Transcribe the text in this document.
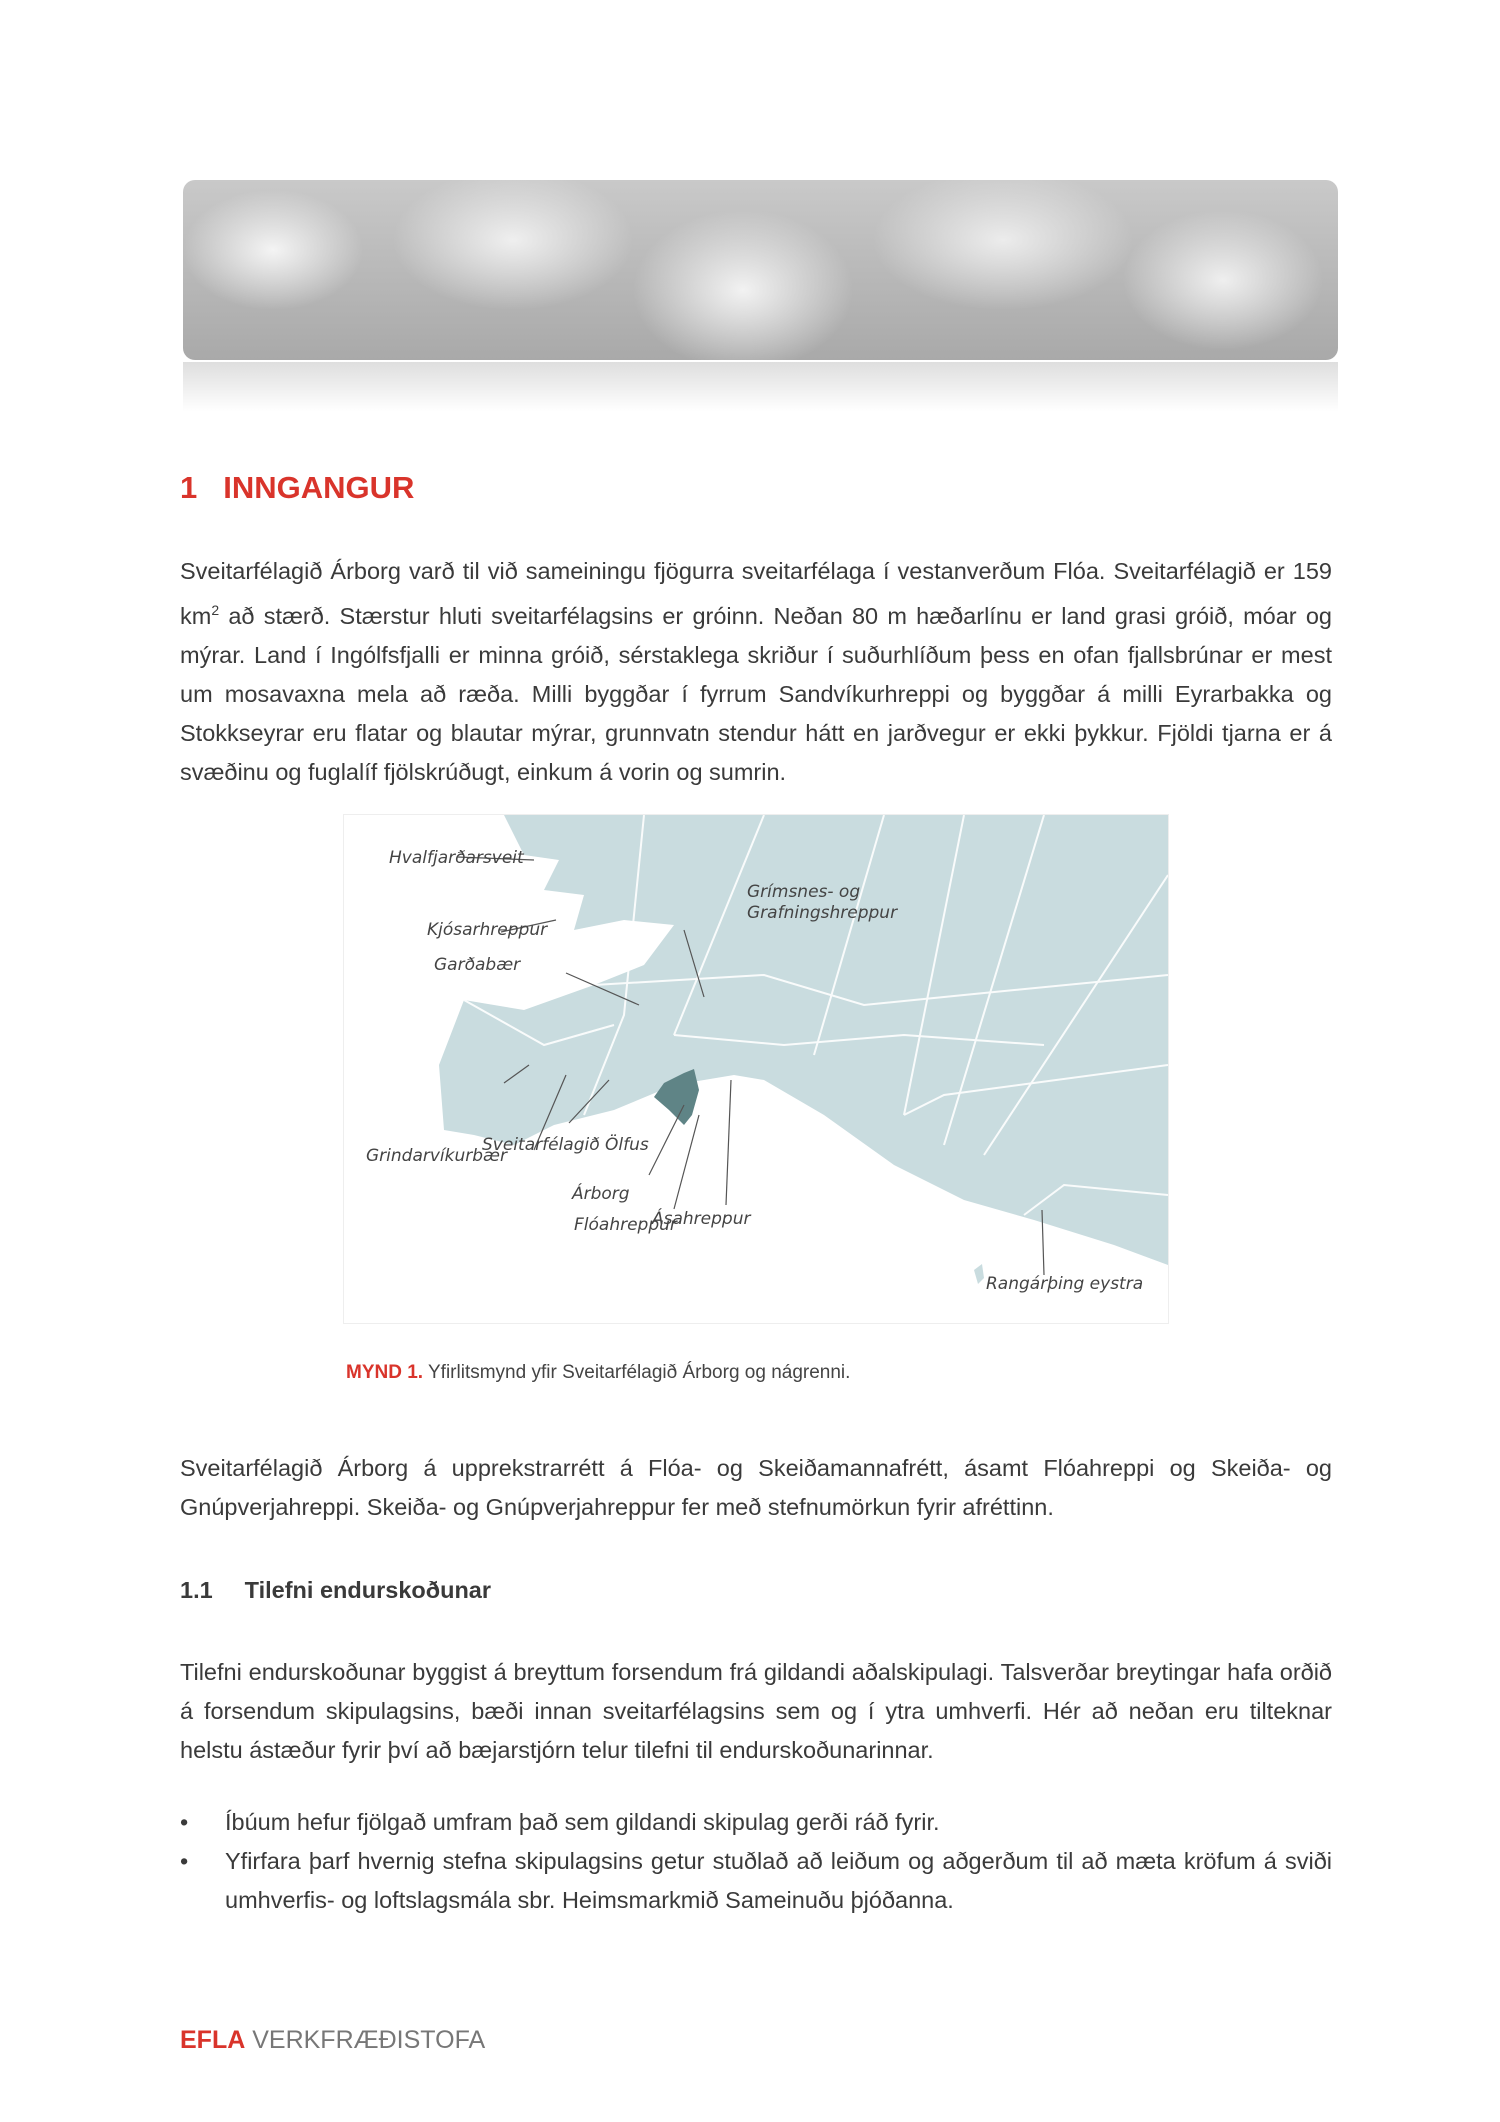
1 INNGANGUR
Sveitarfélagið Árborg varð til við sameiningu fjögurra sveitarfélaga í vestanverðum Flóa. Sveitarfélagið er 159 $km^2$ að stærð. Stærstur hluti sveitarfélagsins er gróinn. Neðan 80 m hæðarlínu er land grasi gróið, móar og mýrar. Land í Ingólfsfjalli er minna gróið, sérstaklega skriður í suðurhlíðum þess en ofan fjallsbrúnar er mest um mosavaxna mela að ræða. Milli byggðar í fyrrum Sandvíkurhreppi og byggðar á milli Eyrarbakka og Stokkseyrar eru flatar og blautar mýrar, grunnvatn stendur hátt en jarðvegur er ekki þykkur. Fjöldi tjarna er á svæðinu og fuglalíf fjölskrúðugt, einkum á vorin og sumrin.
Hvalfjarðarsveit
Grímsnes- og
Grafningshreppur
Kjósarhreppur
Garðabær
Grindarvíkurbær
Sveitarfélagið Ölfus
Árborg
Flóahreppur
Ásahreppur
Rangárþing eystra
MYND 1. Yfirlitsmynd yfir Sveitarfélagið Árborg og nágrenni.
Sveitarfélagið Árborg á upprekstrarrétt á Flóa- og Skeiðamannafrétt, ásamt Flóahreppi og Skeiða- og Gnúpverjahreppi. Skeiða- og Gnúpverjahreppur fer með stefnumörkun fyrir afréttinn.
1.1 Tilefni endurskoðunar
Tilefni endurskoðunar byggist á breyttum forsendum frá gildandi aðalskipulagi. Talsverðar breytingar hafa orðið á forsendum skipulagsins, bæði innan sveitarfélagsins sem og í ytra umhverfi. Hér að neðan eru tilteknar helstu ástæður fyrir því að bæjarstjórn telur tilefni til endurskoðunarinnar.
• Íbúum hefur fjölgað umfram það sem gildandi skipulag gerði ráð fyrir.
• Yfirfara þarf hvernig stefna skipulagsins getur stuðlað að leiðum og aðgerðum til að mæta kröfum á sviði umhverfis- og loftslagsmála sbr. Heimsmarkmið Sameinuðu þjóðanna.
EFLA VERKFRÆÐISTOFA
